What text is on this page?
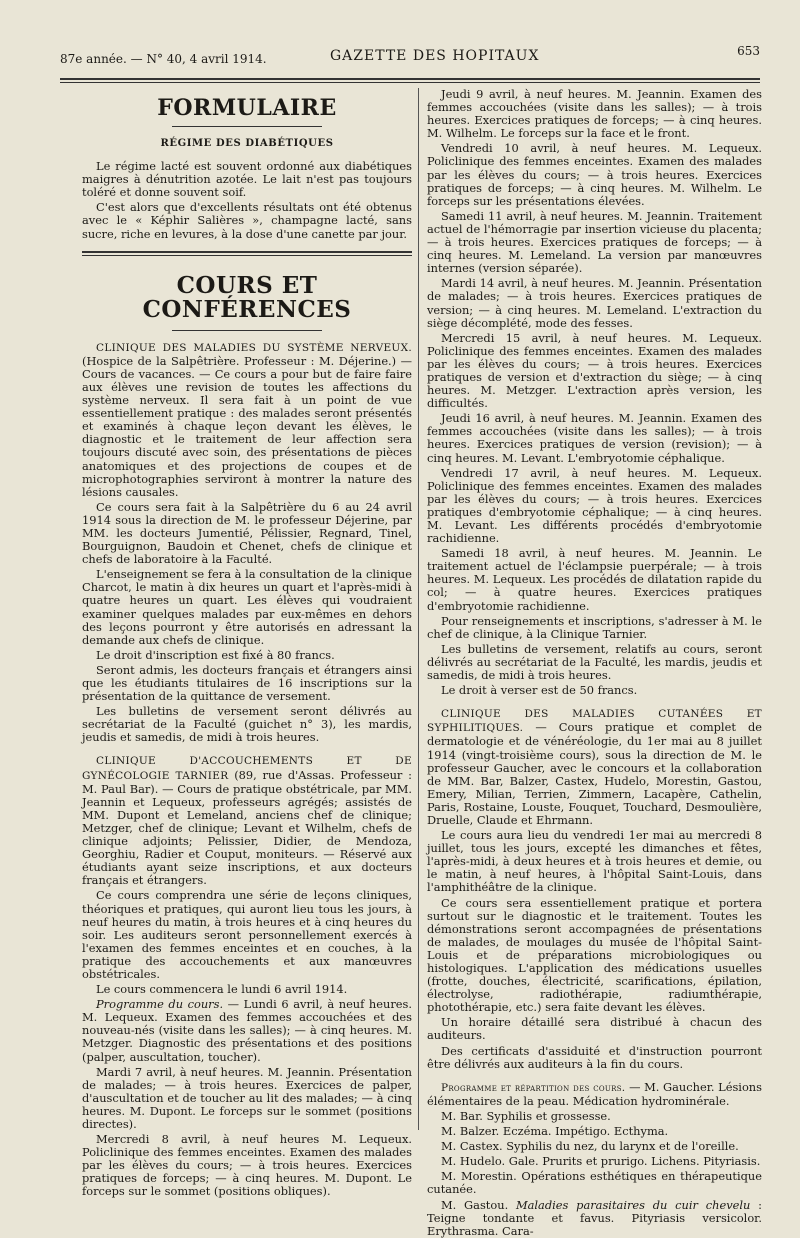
87e année. — N° 40, 4 avril 1914.	GAZETTE DES HOPITAUX	653
FORMULAIRE
RÉGIME DES DIABÉTIQUES

Le régime lacté est souvent ordonné aux diabétiques maigres à dénutrition azotée. Le lait n'est pas toujours toléré et donne souvent soif.

C'est alors que d'excellents résultats ont été obtenus avec le « Képhir Salières », champagne lacté, sans sucre, riche en levures, à la dose d'une canette par jour.

COURS ET CONFÉRENCES

CLINIQUE DES MALADIES DU SYSTÈME NERVEUX. (Hospice de la Salpêtrière. Professeur : M. Déjerine.) — Cours de vacances. — Ce cours a pour but de faire faire aux élèves une revision de toutes les affections du système nerveux. Il sera fait à un point de vue essentiellement pratique : des malades seront présentés et examinés à chaque leçon devant les élèves, le diagnostic et le traitement de leur affection sera toujours discuté avec soin, des présentations de pièces anatomiques et des projections de coupes et de microphotographies serviront à montrer la nature des lésions causales.

Ce cours sera fait à la Salpêtrière du 6 au 24 avril 1914 sous la direction de M. le professeur Déjerine, par MM. les docteurs Jumentié, Pélissier, Regnard, Tinel, Bourguignon, Baudoin et Chenet, chefs de clinique et chefs de laboratoire à la Faculté.

L'enseignement se fera à la consultation de la clinique Charcot, le matin à dix heures un quart et l'après-midi à quatre heures un quart. Les élèves qui voudraient examiner quelques malades par eux-mêmes en dehors des leçons pourront y être autorisés en adressant la demande aux chefs de clinique.

Le droit d'inscription est fixé à 80 francs.

Seront admis, les docteurs français et étrangers ainsi que les étudiants titulaires de 16 inscriptions sur la présentation de la quittance de versement.

Les bulletins de versement seront délivrés au secrétariat de la Faculté (guichet n° 3), les mardis, jeudis et samedis, de midi à trois heures.

CLINIQUE D'ACCOUCHEMENTS ET DE GYNÉCOLOGIE TARNIER (89, rue d'Assas. Professeur : M. Paul Bar). — Cours de pratique obstétricale, par MM. Jeannin et Lequeux, professeurs agrégés; assistés de MM. Dupont et Lemeland, anciens chef de clinique; Metzger, chef de clinique; Levant et Wilhelm, chefs de clinique adjoints; Pelissier, Didier, de Mendoza, Georghiu, Radier et Couput, moniteurs. — Réservé aux étudiants ayant seize inscriptions, et aux docteurs français et étrangers.

Ce cours comprendra une série de leçons cliniques, théoriques et pratiques, qui auront lieu tous les jours, à neuf heures du matin, à trois heures et à cinq heures du soir. Les auditeurs seront personnellement exercés à l'examen des femmes enceintes et en couches, à la pratique des accouchements et aux manœuvres obstétricales.

Le cours commencera le lundi 6 avril 1914.

Programme du cours. — Lundi 6 avril, à neuf heures. M. Lequeux. Examen des femmes accouchées et des nouveau-nés (visite dans les salles); — à cinq heures. M. Metzger. Diagnostic des présentations et des positions (palper, auscultation, toucher).

Mardi 7 avril, à neuf heures. M. Jeannin. Présentation de malades; — à trois heures. Exercices de palper, d'auscultation et de toucher au lit des malades; — à cinq heures. M. Dupont. Le forceps sur le sommet (positions directes).

Mercredi 8 avril, à neuf heures M. Lequeux. Policlinique des femmes enceintes. Examen des malades par les élèves du cours; — à trois heures. Exercices pratiques de forceps; — à cinq heures. M. Dupont. Le forceps sur le sommet (positions obliques).

Jeudi 9 avril, à neuf heures. M. Jeannin. Examen des femmes accouchées (visite dans les salles); — à trois heures. Exercices pratiques de forceps; — à cinq heures. M. Wilhelm. Le forceps sur la face et le front.

Vendredi 10 avril, à neuf heures. M. Lequeux. Policlinique des femmes enceintes. Examen des malades par les élèves du cours; — à trois heures. Exercices pratiques de forceps; — à cinq heures. M. Wilhelm. Le forceps sur les présentations élevées.

Samedi 11 avril, à neuf heures. M. Jeannin. Traitement actuel de l'hémorragie par insertion vicieuse du placenta; — à trois heures. Exercices pratiques de forceps; — à cinq heures. M. Lemeland. La version par manœuvres internes (version séparée).

Mardi 14 avril, à neuf heures. M. Jeannin. Présentation de malades; — à trois heures. Exercices pratiques de version; — à cinq heures. M. Lemeland. L'extraction du siège décomplété, mode des fesses.

Mercredi 15 avril, à neuf heures. M. Lequeux. Policlinique des femmes enceintes. Examen des malades par les élèves du cours; — à trois heures. Exercices pratiques de version et d'extraction du siège; — à cinq heures. M. Metzger. L'extraction après version, les difficultés.

Jeudi 16 avril, à neuf heures. M. Jeannin. Examen des femmes accouchées (visite dans les salles); — à trois heures. Exercices pratiques de version (revision); — à cinq heures. M. Levant. L'embryotomie céphalique.

Vendredi 17 avril, à neuf heures. M. Lequeux. Policlinique des femmes enceintes. Examen des malades par les élèves du cours; — à trois heures. Exercices pratiques d'embryotomie céphalique; — à cinq heures. M. Levant. Les différents procédés d'embryotomie rachidienne.

Samedi 18 avril, à neuf heures. M. Jeannin. Le traitement actuel de l'éclampsie puerpérale; — à trois heures. M. Lequeux. Les procédés de dilatation rapide du col; — à quatre heures. Exercices pratiques d'embryotomie rachidienne.

Pour renseignements et inscriptions, s'adresser à M. le chef de clinique, à la Clinique Tarnier.

Les bulletins de versement, relatifs au cours, seront délivrés au secrétariat de la Faculté, les mardis, jeudis et samedis, de midi à trois heures.

Le droit à verser est de 50 francs.

CLINIQUE DES MALADIES CUTANÉES ET SYPHILITIQUES. — Cours pratique et complet de dermatologie et de vénéréologie, du 1er mai au 8 juillet 1914 (vingt-troisième cours), sous la direction de M. le professeur Gaucher, avec le concours et la collaboration de MM. Bar, Balzer, Castex, Hudelo, Morestin, Gastou, Emery, Milian, Terrien, Zimmern, Lacapère, Cathelin, Paris, Rostaine, Louste, Fouquet, Touchard, Desmoulière, Druelle, Claude et Ehrmann.

Le cours aura lieu du vendredi 1er mai au mercredi 8 juillet, tous les jours, excepté les dimanches et fêtes, l'après-midi, à deux heures et à trois heures et demie, ou le matin, à neuf heures, à l'hôpital Saint-Louis, dans l'amphithéâtre de la clinique.

Ce cours sera essentiellement pratique et portera surtout sur le diagnostic et le traitement. Toutes les démonstrations seront accompagnées de présentations de malades, de moulages du musée de l'hôpital Saint-Louis et de préparations microbiologiques ou histologiques. L'application des médications usuelles (frotte, douches, électricité, scarifications, épilation, électrolyse, radiothérapie, radiumthérapie, photothérapie, etc.) sera faite devant les élèves.

Un horaire détaillé sera distribué à chacun des auditeurs.

Des certificats d'assiduité et d'instruction pourront être délivrés aux auditeurs à la fin du cours.

Programme et répartition des cours. — M. Gaucher. Lésions élémentaires de la peau. Médication hydrominérale.

M. Bar. Syphilis et grossesse.

M. Balzer. Eczéma. Impétigo. Ecthyma.

M. Castex. Syphilis du nez, du larynx et de l'oreille.

M. Hudelo. Gale. Prurits et prurigo. Lichens. Pityriasis.

M. Morestin. Opérations esthétiques en thérapeutique cutanée.

M. Gastou. Maladies parasitaires du cuir chevelu : Teigne tondante et favus. Pityriasis versicolor. Erythrasma. Cara-
